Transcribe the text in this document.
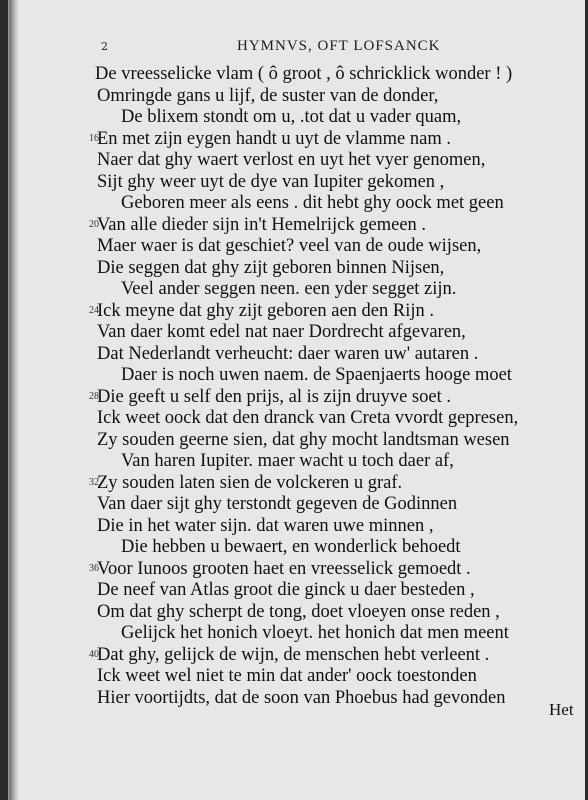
2	HYMNVS, OFT LOFSANCK
De vreesselicke vlam ( ô groot , ô schricklick wonder ! )
Omringde gans u lijf, de suster van de donder,
De blixem stondt om u, .tot dat u vader quam,
En met zijn eygen handt u uyt de vlamme nam .
Naer dat ghy waert verlost en uyt het vyer genomen,
Sijt ghy weer uyt de dye van Iupiter gekomen ,
Geboren meer als eens . dit hebt ghy oock met geen
Van alle dieder sijn in't Hemelrijck gemeen .
Maer waer is dat geschiet? veel van de oude wijsen,
Die seggen dat ghy zijt geboren binnen Nijsen,
Veel ander seggen neen. een yder segget zijn.
Ick meyne dat ghy zijt geboren aen den Rijn .
Van daer komt edel nat naer Dordrecht afgevaren,
Dat Nederlandt verheucht: daer waren uw' autaren .
Daer is noch uwen naem. de Spaenjaerts hooge moet
Die geeft u self den prijs, al is zijn druyve soet .
Ick weet oock dat den dranck van Creta vvordt gepresen,
Zy souden geerne sien, dat ghy mocht landtsman wesen
Van haren Iupiter. maer wacht u toch daer af,
Zy souden laten sien de volckeren u graf.
Van daer sijt ghy terstondt gegeven de Godinnen
Die in het water sijn. dat waren uwe minnen ,
Die hebben u bewaert, en wonderlick behoedt
Voor Iunoos grooten haet en vreesselick gemoedt .
De neef van Atlas groot die ginck u daer besteden ,
Om dat ghy scherpt de tong, doet vloeyen onse reden ,
Gelijck het honich vloeyt. het honich dat men meent
Dat ghy, gelijck de wijn, de menschen hebt verleent .
Ick weet wel niet te min dat ander' oock toestonden
Hier voortijdts, dat de soon van Phoebus had gevonden
16
20
24
28
32
36
40
Het
